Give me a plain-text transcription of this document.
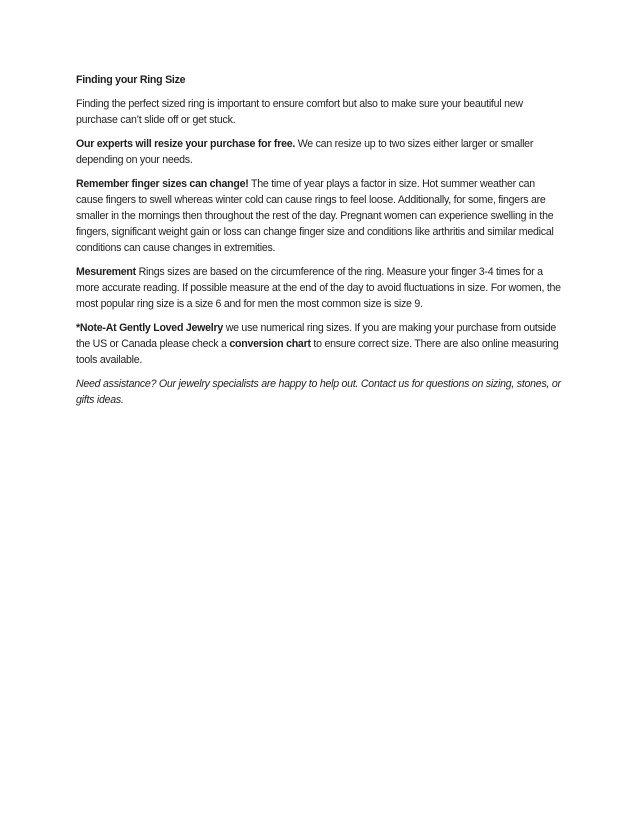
Finding your Ring Size

Finding the perfect sized ring is important to ensure comfort but also to make sure your beautiful new purchase can’t slide off or get stuck.

Our experts will resize your purchase for free. We can resize up to two sizes either larger or smaller depending on your needs.

Remember finger sizes can change! The time of year plays a factor in size. Hot summer weather can cause fingers to swell whereas winter cold can cause rings to feel loose. Additionally, for some, fingers are smaller in the mornings then throughout the rest of the day. Pregnant women can experience swelling in the fingers, significant weight gain or loss can change finger size and conditions like arthritis and similar medical conditions can cause changes in extremities.

Mesurement Rings sizes are based on the circumference of the ring. Measure your finger 3-4 times for a more accurate reading. If possible measure at the end of the day to avoid fluctuations in size. For women, the most popular ring size is a size 6 and for men the most common size is size 9.

*Note-At Gently Loved Jewelry we use numerical ring sizes. If you are making your purchase from outside the US or Canada please check a conversion chart to ensure correct size. There are also online measuring tools available.

Need assistance? Our jewelry specialists are happy to help out. Contact us for questions on sizing, stones, or gifts ideas.
